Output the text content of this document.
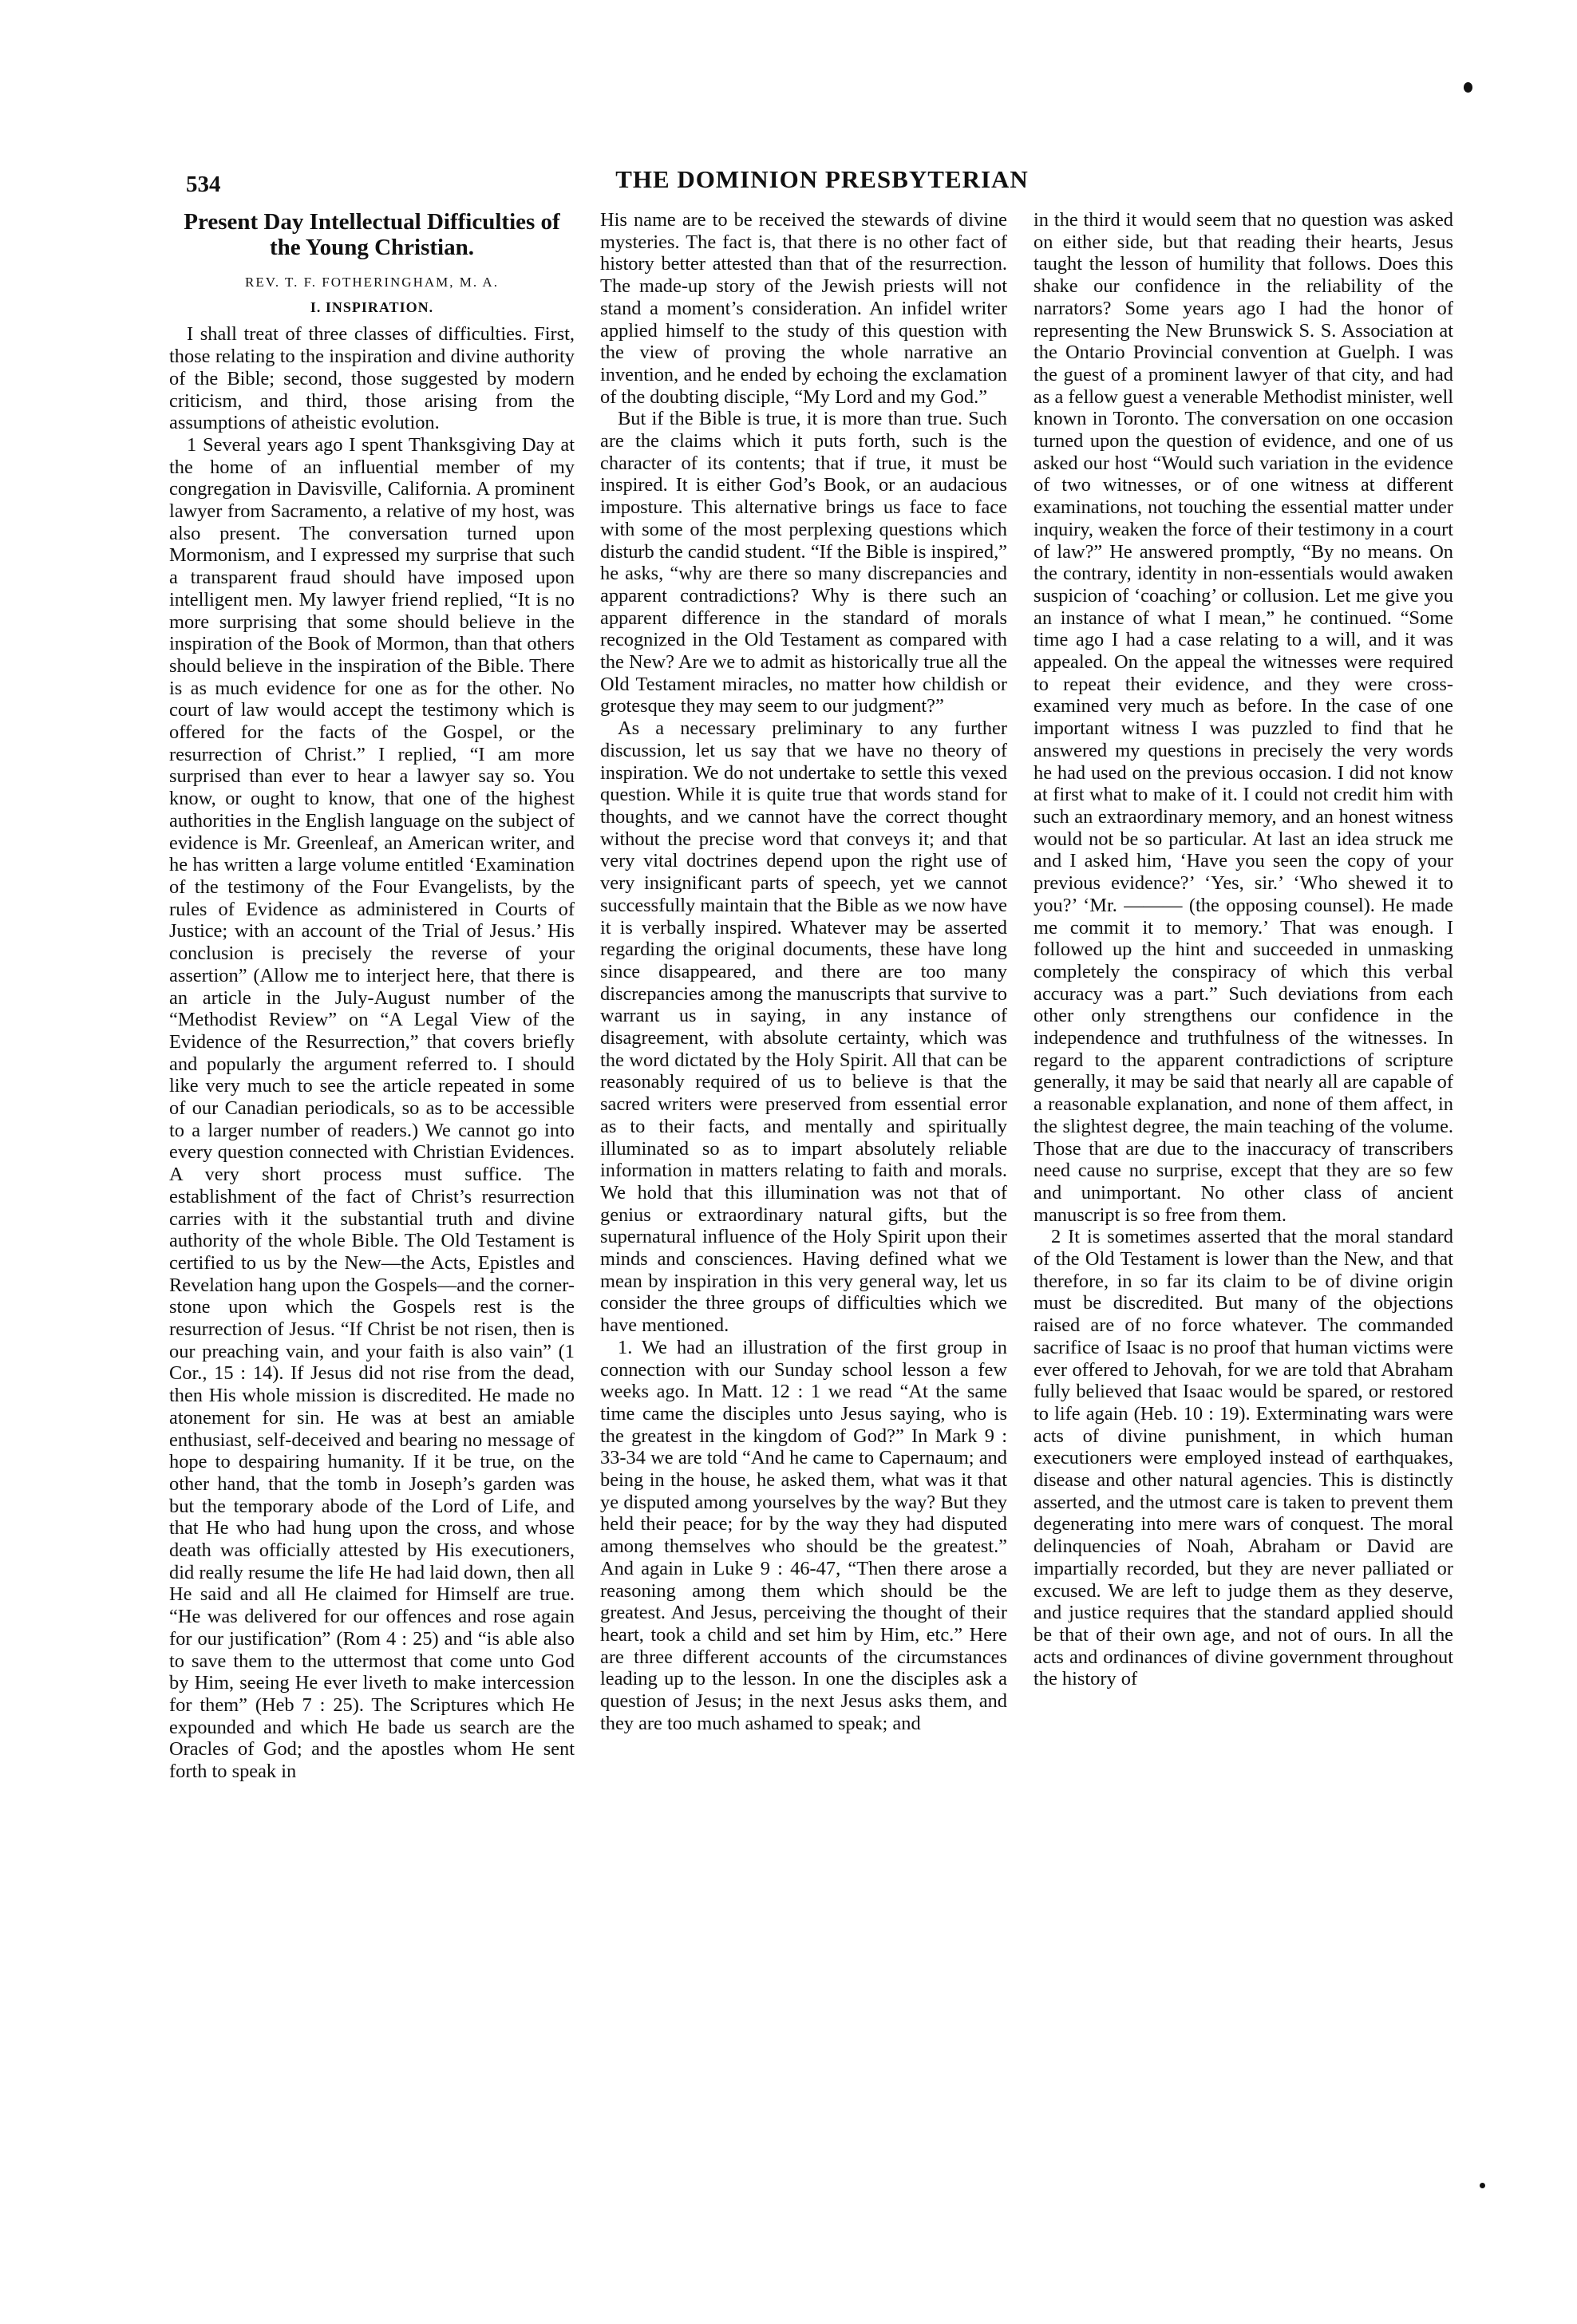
534	THE DOMINION PRESBYTERIAN
Present Day Intellectual Difficulties of the Young Christian.
REV. T. F. FOTHERINGHAM, M. A.
I. INSPIRATION.

I shall treat of three classes of difficulties. First, those relating to the inspiration and divine authority of the Bible; second, those suggested by modern criticism, and third, those arising from the assumptions of atheistic evolution.

1 Several years ago I spent Thanksgiving Day at the home of an influential member of my congregation in Davisville, California. A prominent lawyer from Sacramento, a relative of my host, was also present. The conversation turned upon Mormonism, and I expressed my surprise that such a transparent fraud should have imposed upon intelligent men. My lawyer friend replied, “It is no more surprising that some should believe in the inspiration of the Book of Mormon, than that others should believe in the inspiration of the Bible. There is as much evidence for one as for the other. No court of law would accept the testimony which is offered for the facts of the Gospel, or the resurrection of Christ.” I replied, “I am more surprised than ever to hear a lawyer say so. You know, or ought to know, that one of the highest authorities in the English language on the subject of evidence is Mr. Greenleaf, an American writer, and he has written a large volume entitled ‘Examination of the testimony of the Four Evangelists, by the rules of Evidence as administered in Courts of Justice; with an account of the Trial of Jesus.’ His conclusion is precisely the reverse of your assertion” (Allow me to interject here, that there is an article in the July-August number of the “Methodist Review” on “A Legal View of the Evidence of the Resurrection,” that covers briefly and popularly the argument referred to. I should like very much to see the article repeated in some of our Canadian periodicals, so as to be accessible to a larger number of readers.) We cannot go into every question connected with Christian Evidences. A very short process must suffice. The establishment of the fact of Christ’s resurrection carries with it the substantial truth and divine authority of the whole Bible. The Old Testament is certified to us by the New—the Acts, Epistles and Revelation hang upon the Gospels—and the corner-stone upon which the Gospels rest is the resurrection of Jesus. “If Christ be not risen, then is our preaching vain, and your faith is also vain” (1 Cor., 15 : 14). If Jesus did not rise from the dead, then His whole mission is discredited. He made no atonement for sin. He was at best an amiable enthusiast, self-deceived and bearing no message of hope to despairing humanity. If it be true, on the other hand, that the tomb in Joseph’s garden was but the temporary abode of the Lord of Life, and that He who had hung upon the cross, and whose death was officially attested by His executioners, did really resume the life He had laid down, then all He said and all He claimed for Himself are true. “He was delivered for our offences and rose again for our justification” (Rom 4 : 25) and “is able also to save them to the uttermost that come unto God by Him, seeing He ever liveth to make intercession for them” (Heb 7 : 25). The Scriptures which He expounded and which He bade us search are the Oracles of God; and the apostles whom He sent forth to speak in

His name are to be received the stewards of divine mysteries. The fact is, that there is no other fact of history better attested than that of the resurrection. The made-up story of the Jewish priests will not stand a moment’s consideration. An infidel writer applied himself to the study of this question with the view of proving the whole narrative an invention, and he ended by echoing the exclamation of the doubting disciple, “My Lord and my God.”

But if the Bible is true, it is more than true. Such are the claims which it puts forth, such is the character of its contents; that if true, it must be inspired. It is either God’s Book, or an audacious imposture. This alternative brings us face to face with some of the most perplexing questions which disturb the candid student. “If the Bible is inspired,” he asks, “why are there so many discrepancies and apparent contradictions? Why is there such an apparent difference in the standard of morals recognized in the Old Testament as compared with the New? Are we to admit as historically true all the Old Testament miracles, no matter how childish or grotesque they may seem to our judgment?”

As a necessary preliminary to any further discussion, let us say that we have no theory of inspiration. We do not undertake to settle this vexed question. While it is quite true that words stand for thoughts, and we cannot have the correct thought without the precise word that conveys it; and that very vital doctrines depend upon the right use of very insignificant parts of speech, yet we cannot successfully maintain that the Bible as we now have it is verbally inspired. Whatever may be asserted regarding the original documents, these have long since disappeared, and there are too many discrepancies among the manuscripts that survive to warrant us in saying, in any instance of disagreement, with absolute certainty, which was the word dictated by the Holy Spirit. All that can be reasonably required of us to believe is that the sacred writers were preserved from essential error as to their facts, and mentally and spiritually illuminated so as to impart absolutely reliable information in matters relating to faith and morals. We hold that this illumination was not that of genius or extraordinary natural gifts, but the supernatural influence of the Holy Spirit upon their minds and consciences. Having defined what we mean by inspiration in this very general way, let us consider the three groups of difficulties which we have mentioned.

1. We had an illustration of the first group in connection with our Sunday school lesson a few weeks ago. In Matt. 12 : 1 we read “At the same time came the disciples unto Jesus saying, who is the greatest in the kingdom of God?” In Mark 9 : 33-34 we are told “And he came to Capernaum; and being in the house, he asked them, what was it that ye disputed among yourselves by the way? But they held their peace; for by the way they had disputed among themselves who should be the greatest.” And again in Luke 9 : 46-47, “Then there arose a reasoning among them which should be the greatest. And Jesus, perceiving the thought of their heart, took a child and set him by Him, etc.” Here are three different accounts of the circumstances leading up to the lesson. In one the disciples ask a question of Jesus; in the next Jesus asks them, and they are too much ashamed to speak; and

in the third it would seem that no question was asked on either side, but that reading their hearts, Jesus taught the lesson of humility that follows. Does this shake our confidence in the reliability of the narrators? Some years ago I had the honor of representing the New Brunswick S. S. Association at the Ontario Provincial convention at Guelph. I was the guest of a prominent lawyer of that city, and had as a fellow guest a venerable Methodist minister, well known in Toronto. The conversation on one occasion turned upon the question of evidence, and one of us asked our host “Would such variation in the evidence of two witnesses, or of one witness at different examinations, not touching the essential matter under inquiry, weaken the force of their testimony in a court of law?” He answered promptly, “By no means. On the contrary, identity in non-essentials would awaken suspicion of ‘coaching’ or collusion. Let me give you an instance of what I mean,” he continued. “Some time ago I had a case relating to a will, and it was appealed. On the appeal the witnesses were required to repeat their evidence, and they were cross-examined very much as before. In the case of one important witness I was puzzled to find that he answered my questions in precisely the very words he had used on the previous occasion. I did not know at first what to make of it. I could not credit him with such an extraordinary memory, and an honest witness would not be so particular. At last an idea struck me and I asked him, ‘Have you seen the copy of your previous evidence?’ ‘Yes, sir.’ ‘Who shewed it to you?’ ‘Mr. ——— (the opposing counsel). He made me commit it to memory.’ That was enough. I followed up the hint and succeeded in unmasking completely the conspiracy of which this verbal accuracy was a part.” Such deviations from each other only strengthens our confidence in the independence and truthfulness of the witnesses. In regard to the apparent contradictions of scripture generally, it may be said that nearly all are capable of a reasonable explanation, and none of them affect, in the slightest degree, the main teaching of the volume. Those that are due to the inaccuracy of transcribers need cause no surprise, except that they are so few and unimportant. No other class of ancient manuscript is so free from them.

2 It is sometimes asserted that the moral standard of the Old Testament is lower than the New, and that therefore, in so far its claim to be of divine origin must be discredited. But many of the objections raised are of no force whatever. The commanded sacrifice of Isaac is no proof that human victims were ever offered to Jehovah, for we are told that Abraham fully believed that Isaac would be spared, or restored to life again (Heb. 10 : 19). Exterminating wars were acts of divine punishment, in which human executioners were employed instead of earthquakes, disease and other natural agencies. This is distinctly asserted, and the utmost care is taken to prevent them degenerating into mere wars of conquest. The moral delinquencies of Noah, Abraham or David are impartially recorded, but they are never palliated or excused. We are left to judge them as they deserve, and justice requires that the standard applied should be that of their own age, and not of ours. In all the acts and ordinances of divine government throughout the history of
